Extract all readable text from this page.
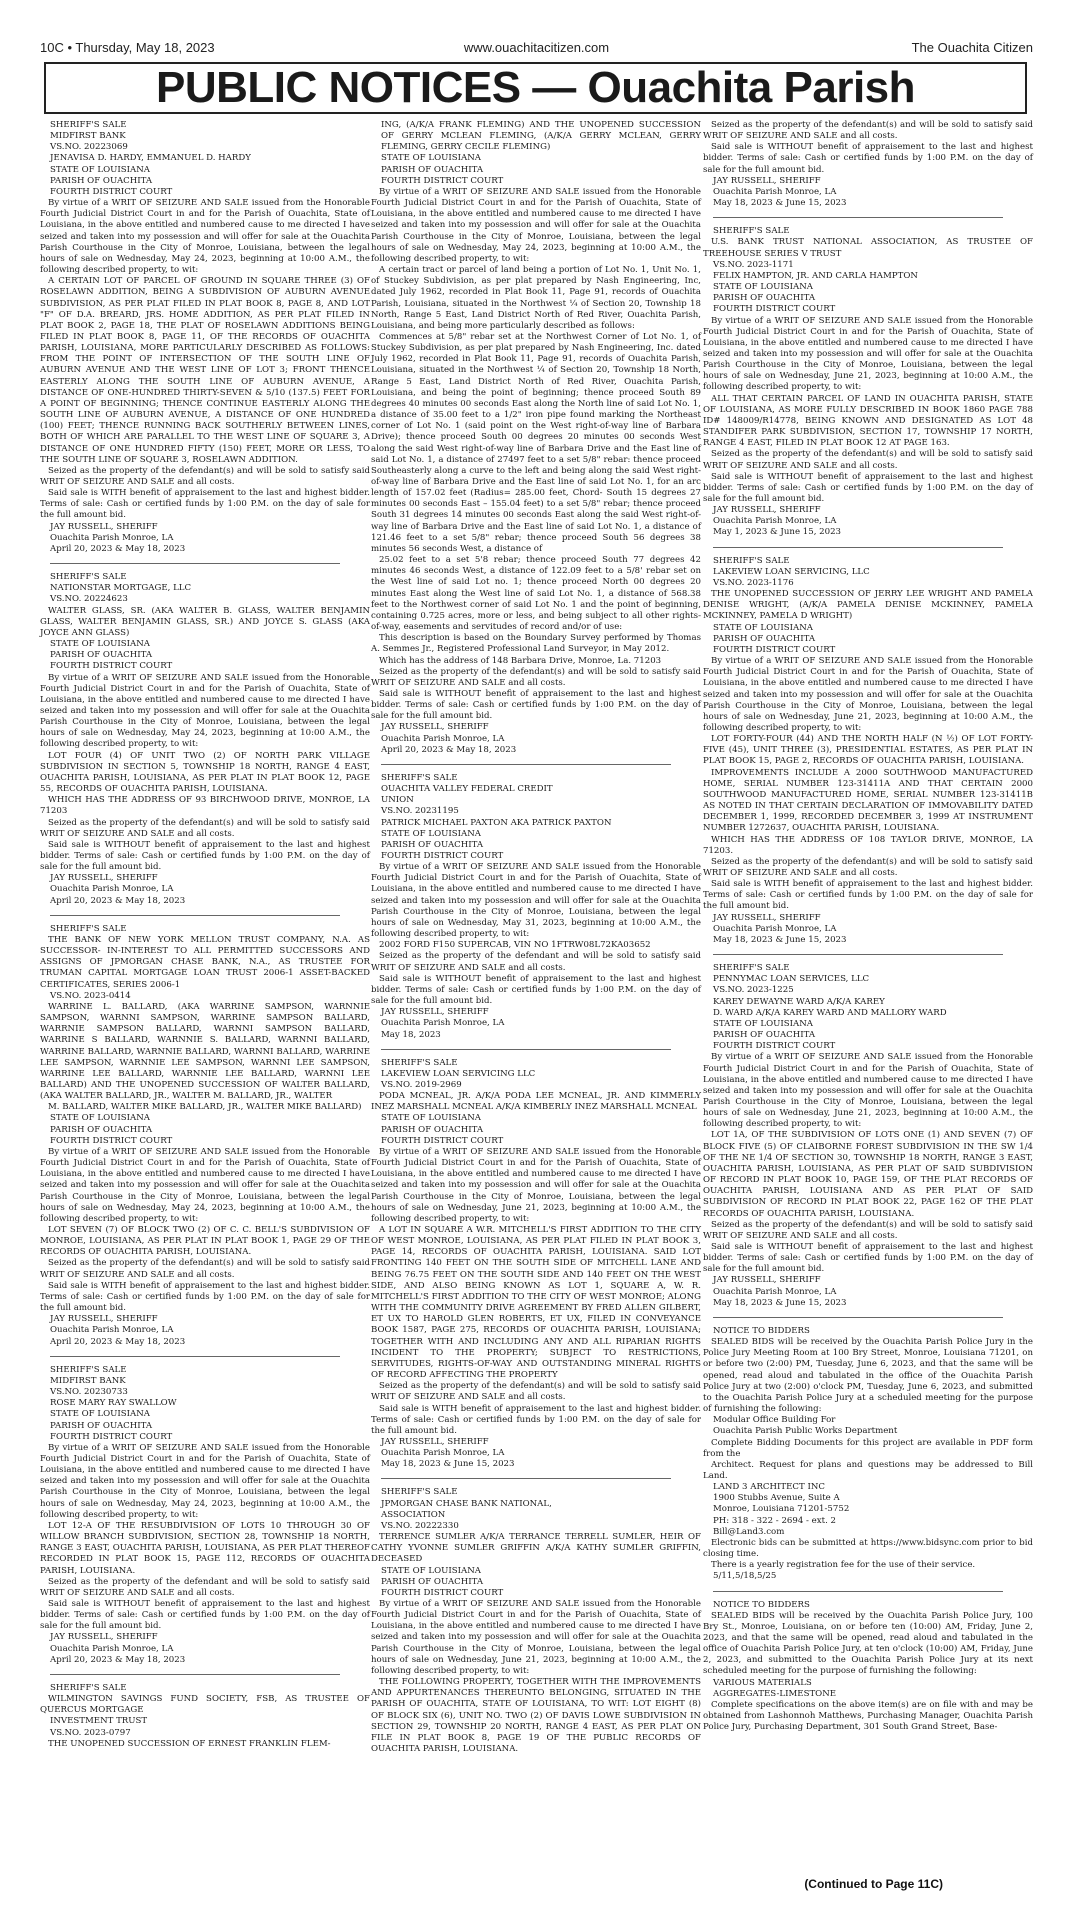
10C • Thursday, May 18, 2023	www.ouachitacitizen.com	The Ouachita Citizen
PUBLIC NOTICES — Ouachita Parish

SHERIFF'S SALE

MIDFIRST BANK

VS.NO. 20223069

JENAVISA D. HARDY, EMMANUEL D. HARDY

STATE OF LOUISIANA

PARISH OF OUACHITA

FOURTH DISTRICT COURT

By virtue of a WRIT OF SEIZURE AND SALE issued from the Honorable Fourth Judicial District Court in and for the Parish of Ouachita, State of Louisiana, in the above entitled and numbered cause to me directed I have seized and taken into my possession and will offer for sale at the Ouachita Parish Courthouse in the City of Monroe, Louisiana, between the legal hours of sale on Wednesday, May 24, 2023, beginning at 10:00 A.M., the following described property, to wit:

A CERTAIN LOT OF PARCEL OF GROUND IN SQUARE THREE (3) OF ROSELAWN ADDITION, BEING A SUBDIVISION OF AUBURN AVENUE SUBDIVISION, AS PER PLAT FILED IN PLAT BOOK 8, PAGE 8, AND LOT "F" OF D.A. BREARD, JRS. HOME ADDITION, AS PER PLAT FILED IN PLAT BOOK 2, PAGE 18, THE PLAT OF ROSELAWN ADDITIONS BEING FILED IN PLAT BOOK 8, PAGE 11, OF THE RECORDS OF OUACHITA PARISH, LOUISIANA, MORE PARTICULARLY DESCRIBED AS FOLLOWS: FROM THE POINT OF INTERSECTION OF THE SOUTH LINE OF AUBURN AVENUE AND THE WEST LINE OF LOT 3; FRONT THENCE EASTERLY ALONG THE SOUTH LINE OF AUBURN AVENUE, A DISTANCE OF ONE-HUNDRED THIRTY-SEVEN & 5/10 (137.5) FEET FOR A POINT OF BEGINNING; THENCE CONTINUE EASTERLY ALONG THE SOUTH LINE OF AUBURN AVENUE, A DISTANCE OF ONE HUNDRED (100) FEET; THENCE RUNNING BACK SOUTHERLY BETWEEN LINES, BOTH OF WHICH ARE PARALLEL TO THE WEST LINE OF SQUARE 3, A DISTANCE OF ONE HUNDRED FIFTY (150) FEET, MORE OR LESS, TO THE SOUTH LINE OF SQUARE 3, ROSELAWN ADDITION.

Seized as the property of the defendant(s) and will be sold to satisfy said WRIT OF SEIZURE AND SALE and all costs.

Said sale is WITH benefit of appraisement to the last and highest bidder. Terms of sale: Cash or certified funds by 1:00 P.M. on the day of sale for the full amount bid.

JAY RUSSELL, SHERIFF

Ouachita Parish Monroe, LA

April 20, 2023 & May 18, 2023

SHERIFF'S SALE

NATIONSTAR MORTGAGE, LLC

VS.NO. 20224623

WALTER GLASS, SR. (AKA WALTER B. GLASS, WALTER BENJAMIN GLASS, WALTER BENJAMIN GLASS, SR.) AND JOYCE S. GLASS (AKA JOYCE ANN GLASS)

STATE OF LOUISIANA

PARISH OF OUACHITA

FOURTH DISTRICT COURT

By virtue of a WRIT OF SEIZURE AND SALE issued from the Honorable Fourth Judicial District Court in and for the Parish of Ouachita, State of Louisiana, in the above entitled and numbered cause to me directed I have seized and taken into my possession and will offer for sale at the Ouachita Parish Courthouse in the City of Monroe, Louisiana, between the legal hours of sale on Wednesday, May 24, 2023, beginning at 10:00 A.M., the following described property, to wit:

LOT FOUR (4) OF UNIT TWO (2) OF NORTH PARK VILLAGE SUBDIVISION IN SECTION 5, TOWNSHIP 18 NORTH, RANGE 4 EAST, OUACHITA PARISH, LOUISIANA, AS PER PLAT IN PLAT BOOK 12, PAGE 55, RECORDS OF OUACHITA PARISH, LOUISIANA.

WHICH HAS THE ADDRESS OF 93 BIRCHWOOD DRIVE, MONROE, LA 71203

Seized as the property of the defendant(s) and will be sold to satisfy said WRIT OF SEIZURE AND SALE and all costs.

Said sale is WITHOUT benefit of appraisement to the last and highest bidder. Terms of sale: Cash or certified funds by 1:00 P.M. on the day of sale for the full amount bid.

JAY RUSSELL, SHERIFF

Ouachita Parish Monroe, LA

April 20, 2023 & May 18, 2023

SHERIFF'S SALE

THE BANK OF NEW YORK MELLON TRUST COMPANY, N.A. AS SUCCESSOR- IN-INTEREST TO ALL PERMITTED SUCCESSORS AND ASSIGNS OF JPMORGAN CHASE BANK, N.A., AS TRUSTEE FOR TRUMAN CAPITAL MORTGAGE LOAN TRUST 2006-1 ASSET-BACKED CERTIFICATES, SERIES 2006-1

VS.NO. 2023-0414

WARRINE L. BALLARD, (AKA WARRINE SAMPSON, WARNNIE SAMPSON, WARNNI SAMPSON, WARRINE SAMPSON BALLARD, WARRNIE SAMPSON BALLARD, WARNNI SAMPSON BALLARD, WARRINE S BALLARD, WARNNIE S. BALLARD, WARNNI BALLARD, WARRINE BALLARD, WARNNIE BALLARD, WARNNI BALLARD, WARRINE LEE SAMPSON, WARNNIE LEE SAMPSON, WARNNI LEE SAMPSON, WARRINE LEE BALLARD, WARNNIE LEE BALLARD, WARNNI LEE BALLARD) AND THE UNOPENED SUCCESSION OF WALTER BALLARD, (AKA WALTER BALLARD, JR., WALTER M. BALLARD, JR., WALTER

M. BALLARD, WALTER MIKE BALLARD, JR., WALTER MIKE BALLARD)

STATE OF LOUISIANA

PARISH OF OUACHITA

FOURTH DISTRICT COURT

By virtue of a WRIT OF SEIZURE AND SALE issued from the Honorable Fourth Judicial District Court in and for the Parish of Ouachita, State of Louisiana, in the above entitled and numbered cause to me directed I have seized and taken into my possession and will offer for sale at the Ouachita Parish Courthouse in the City of Monroe, Louisiana, between the legal hours of sale on Wednesday, May 24, 2023, beginning at 10:00 A.M., the following described property, to wit:

LOT SEVEN (7) OF BLOCK TWO (2) OF C. C. BELL'S SUBDIVISION OF MONROE, LOUISIANA, AS PER PLAT IN PLAT BOOK 1, PAGE 29 OF THE RECORDS OF OUACHITA PARISH, LOUISIANA.

Seized as the property of the defendant(s) and will be sold to satisfy said WRIT OF SEIZURE AND SALE and all costs.

Said sale is WITH benefit of appraisement to the last and highest bidder. Terms of sale: Cash or certified funds by 1:00 P.M. on the day of sale for the full amount bid.

JAY RUSSELL, SHERIFF

Ouachita Parish Monroe, LA

April 20, 2023 & May 18, 2023

SHERIFF'S SALE

MIDFIRST BANK

VS.NO. 20230733

ROSE MARY RAY SWALLOW

STATE OF LOUISIANA

PARISH OF OUACHITA

FOURTH DISTRICT COURT

By virtue of a WRIT OF SEIZURE AND SALE issued from the Honorable Fourth Judicial District Court in and for the Parish of Ouachita, State of Louisiana, in the above entitled and numbered cause to me directed I have seized and taken into my possession and will offer for sale at the Ouachita Parish Courthouse in the City of Monroe, Louisiana, between the legal hours of sale on Wednesday, May 24, 2023, beginning at 10:00 A.M., the following described property, to wit:

LOT 12-A OF THE RESUBDIVISION OF LOTS 10 THROUGH 30 OF WILLOW BRANCH SUBDIVISION, SECTION 28, TOWNSHIP 18 NORTH, RANGE 3 EAST, OUACHITA PARISH, LOUISIANA, AS PER PLAT THEREOF RECORDED IN PLAT BOOK 15, PAGE 112, RECORDS OF OUACHITA PARISH, LOUISIANA.

Seized as the property of the defendant and will be sold to satisfy said WRIT OF SEIZURE AND SALE and all costs.

Said sale is WITHOUT benefit of appraisement to the last and highest bidder. Terms of sale: Cash or certified funds by 1:00 P.M. on the day of sale for the full amount bid.

JAY RUSSELL, SHERIFF

Ouachita Parish Monroe, LA

April 20, 2023 & May 18, 2023

SHERIFF'S SALE

WILMINGTON SAVINGS FUND SOCIETY, FSB, AS TRUSTEE OF QUERCUS MORTGAGE

INVESTMENT TRUST

VS.NO. 2023-0797

THE UNOPENED SUCCESSION OF ERNEST FRANKLIN FLEM-

ING, (A/K/A FRANK FLEMING) AND THE UNOPENED SUCCESSION OF GERRY MCLEAN FLEMING, (A/K/A GERRY MCLEAN, GERRY FLEMING, GERRY CECILE FLEMING)

STATE OF LOUISIANA

PARISH OF OUACHITA

FOURTH DISTRICT COURT

By virtue of a WRIT OF SEIZURE AND SALE issued from the Honorable Fourth Judicial District Court in and for the Parish of Ouachita, State of Louisiana, in the above entitled and numbered cause to me directed I have seized and taken into my possession and will offer for sale at the Ouachita Parish Courthouse in the City of Monroe, Louisiana, between the legal hours of sale on Wednesday, May 24, 2023, beginning at 10:00 A.M., the following described property, to wit:

A certain tract or parcel of land being a portion of Lot No. 1, Unit No. 1, of Stuckey Subdivision, as per plat prepared by Nash Engineering, Inc, dated July 1962, recorded in Plat Book 11, Page 91, records of Ouachita Parish, Louisiana, situated in the Northwest ¼ of Section 20, Township 18 North, Range 5 East, Land District North of Red River, Ouachita Parish, Louisiana, and being more particularly described as follows:

Commences at 5/8" rebar set at the Northwest Corner of Lot No. 1, of Stuckey Subdivision, as per plat prepared by Nash Engineering, Inc. dated July 1962, recorded in Plat Book 11, Page 91, records of Ouachita Parish, Louisiana, situated in the Northwest ¼ of Section 20, Township 18 North, Range 5 East, Land District North of Red River, Ouachita Parish, Louisiana, and being the point of beginning; thence proceed South 89 degrees 40 minutes 00 seconds East along the North line of said Lot No. 1, a distance of 35.00 feet to a 1/2" iron pipe found marking the Northeast corner of Lot No. 1 (said point on the West right-of-way line of Barbara Drive); thence proceed South 00 degrees 20 minutes 00 seconds West along the said West right-of-way line of Barbara Drive and the East line of said Lot No. 1, a distance of 27497 feet to a set 5/8" rebar: thence proceed Southeasterly along a curve to the left and being along the said West right-of-way line of Barbara Drive and the East line of said Lot No. 1, for an arc length of 157.02 feet (Radius= 285.00 feet, Chord- South 15 degrees 27 minutes 00 seconds East – 155.04 feet) to a set 5/8" rebar; thence proceed South 31 degrees 14 minutes 00 seconds East along the said West right-of-way line of Barbara Drive and the East line of said Lot No. 1, a distance of 121.46 feet to a set 5/8" rebar; thence proceed South 56 degrees 38 minutes 56 seconds West, a distance of

25.02 feet to a set 5'8 rebar; thence proceed South 77 degrees 42 minutes 46 seconds West, a distance of 122.09 feet to a 5/8' rebar set on the West line of said Lot no. 1; thence proceed North 00 degrees 20 minutes East along the West line of said Lot No. 1, a distance of 568.38 feet to the Northwest corner of said Lot No. 1 and the point of beginning, containing 0.725 acres, more or less, and being subject to all other rights-of-way, easements and servitudes of record and/or of use:

This description is based on the Boundary Survey performed by Thomas A. Semmes Jr., Registered Professional Land Surveyor, in May 2012.

Which has the address of 148 Barbara Drive, Monroe, La. 71203

Seized as the property of the defendant(s) and will be sold to satisfy said WRIT OF SEIZURE AND SALE and all costs.

Said sale is WITHOUT benefit of appraisement to the last and highest bidder. Terms of sale: Cash or certified funds by 1:00 P.M. on the day of sale for the full amount bid.

JAY RUSSELL, SHERIFF

Ouachita Parish Monroe, LA

April 20, 2023 & May 18, 2023

SHERIFF'S SALE

OUACHITA VALLEY FEDERAL CREDIT

UNION

VS.NO. 20231195

PATRICK MICHAEL PAXTON AKA PATRICK PAXTON

STATE OF LOUISIANA

PARISH OF OUACHITA

FOURTH DISTRICT COURT

By virtue of a WRIT OF SEIZURE AND SALE issued from the Honorable Fourth Judicial District Court in and for the Parish of Ouachita, State of Louisiana, in the above entitled and numbered cause to me directed I have seized and taken into my possession and will offer for sale at the Ouachita Parish Courthouse in the City of Monroe, Louisiana, between the legal hours of sale on Wednesday, May 31, 2023, beginning at 10:00 A.M., the following described property, to wit:

2002 FORD F150 SUPERCAB, VIN NO 1FTRW08L72KA03652

Seized as the property of the defendant and will be sold to satisfy said WRIT OF SEIZURE AND SALE and all costs.

Said sale is WITHOUT benefit of appraisement to the last and highest bidder. Terms of sale: Cash or certified funds by 1:00 P.M. on the day of sale for the full amount bid.

JAY RUSSELL, SHERIFF

Ouachita Parish Monroe, LA

May 18, 2023

SHERIFF'S SALE

LAKEVIEW LOAN SERVICING LLC

VS.NO. 2019-2969

PODA MCNEAL, JR. A/K/A PODA LEE MCNEAL, JR. AND KIMMERLY INEZ MARSHALL MCNEAL A/K/A KIMBERLY INEZ MARSHALL MCNEAL

STATE OF LOUISIANA

PARISH OF OUACHITA

FOURTH DISTRICT COURT

By virtue of a WRIT OF SEIZURE AND SALE issued from the Honorable Fourth Judicial District Court in and for the Parish of Ouachita, State of Louisiana, in the above entitled and numbered cause to me directed I have seized and taken into my possession and will offer for sale at the Ouachita Parish Courthouse in the City of Monroe, Louisiana, between the legal hours of sale on Wednesday, June 21, 2023, beginning at 10:00 A.M., the following described property, to wit:

A LOT IN SQUARE A W.R. MITCHELL'S FIRST ADDITION TO THE CITY OF WEST MONROE, LOUISIANA, AS PER PLAT FILED IN PLAT BOOK 3, PAGE 14, RECORDS OF OUACHITA PARISH, LOUISIANA. SAID LOT FRONTING 140 FEET ON THE SOUTH SIDE OF MITCHELL LANE AND BEING 76.75 FEET ON THE SOUTH SIDE AND 140 FEET ON THE WEST SIDE, AND ALSO BEING KNOWN AS LOT 1, SQUARE A, W. R. MITCHELL'S FIRST ADDITION TO THE CITY OF WEST MONROE; ALONG WITH THE COMMUNITY DRIVE AGREEMENT BY FRED ALLEN GILBERT, ET UX TO HAROLD GLEN ROBERTS, ET UX, FILED IN CONVEYANCE BOOK 1587, PAGE 275, RECORDS OF OUACHITA PARISH, LOUISIANA; TOGETHER WITH AND INCLUDING ANY AND ALL RIPARIAN RIGHTS INCIDENT TO THE PROPERTY; SUBJECT TO RESTRICTIONS, SERVITUDES, RIGHTS-OF-WAY AND OUTSTANDING MINERAL RIGHTS OF RECORD AFFECTING THE PROPERTY

Seized as the property of the defendant(s) and will be sold to satisfy said WRIT OF SEIZURE AND SALE and all costs.

Said sale is WITH benefit of appraisement to the last and highest bidder. Terms of sale: Cash or certified funds by 1:00 P.M. on the day of sale for the full amount bid.

JAY RUSSELL, SHERIFF

Ouachita Parish Monroe, LA

May 18, 2023 & June 15, 2023

SHERIFF'S SALE

JPMORGAN CHASE BANK NATIONAL,

ASSOCIATION

VS.NO. 20222330

TERRENCE SUMLER A/K/A TERRANCE TERRELL SUMLER, HEIR OF CATHY YVONNE SUMLER GRIFFIN A/K/A KATHY SUMLER GRIFFIN, DECEASED

STATE OF LOUISIANA

PARISH OF OUACHITA

FOURTH DISTRICT COURT

By virtue of a WRIT OF SEIZURE AND SALE issued from the Honorable Fourth Judicial District Court in and for the Parish of Ouachita, State of Louisiana, in the above entitled and numbered cause to me directed I have seized and taken into my possession and will offer for sale at the Ouachita Parish Courthouse in the City of Monroe, Louisiana, between the legal hours of sale on Wednesday, June 21, 2023, beginning at 10:00 A.M., the following described property, to wit:

THE FOLLOWING PROPERTY, TOGETHER WITH THE IMPROVEMENTS AND APPURTENANCES THEREUNTO BELONGING, SITUATED IN THE PARISH OF OUACHITA, STATE OF LOUISIANA, TO WIT: LOT EIGHT (8) OF BLOCK SIX (6), UNIT NO. TWO (2) OF DAVIS LOWE SUBDIVISION IN SECTION 29, TOWNSHIP 20 NORTH, RANGE 4 EAST, AS PER PLAT ON FILE IN PLAT BOOK 8, PAGE 19 OF THE PUBLIC RECORDS OF OUACHITA PARISH, LOUISIANA.

Seized as the property of the defendant(s) and will be sold to satisfy said WRIT OF SEIZURE AND SALE and all costs.

Said sale is WITHOUT benefit of appraisement to the last and highest bidder. Terms of sale: Cash or certified funds by 1:00 P.M. on the day of sale for the full amount bid.

JAY RUSSELL, SHERIFF

Ouachita Parish Monroe, LA

May 18, 2023 & June 15, 2023

SHERIFF'S SALE

U.S. BANK TRUST NATIONAL ASSOCIATION, AS TRUSTEE OF TREEHOUSE SERIES V TRUST

VS.NO. 2023-1171

FELIX HAMPTON, JR. AND CARLA HAMPTON

STATE OF LOUISIANA

PARISH OF OUACHITA

FOURTH DISTRICT COURT

By virtue of a WRIT OF SEIZURE AND SALE issued from the Honorable Fourth Judicial District Court in and for the Parish of Ouachita, State of Louisiana, in the above entitled and numbered cause to me directed I have seized and taken into my possession and will offer for sale at the Ouachita Parish Courthouse in the City of Monroe, Louisiana, between the legal hours of sale on Wednesday, June 21, 2023, beginning at 10:00 A.M., the following described property, to wit:

ALL THAT CERTAIN PARCEL OF LAND IN OUACHITA PARISH, STATE OF LOUISIANA, AS MORE FULLY DESCRIBED IN BOOK 1860 PAGE 788 ID# 148009/R14778, BEING KNOWN AND DESIGNATED AS LOT 48 STANDIFER PARK SUBDIVISION, SECTION 17, TOWNSHIP 17 NORTH, RANGE 4 EAST, FILED IN PLAT BOOK 12 AT PAGE 163.

Seized as the property of the defendant(s) and will be sold to satisfy said WRIT OF SEIZURE AND SALE and all costs.

Said sale is WITHOUT benefit of appraisement to the last and highest bidder. Terms of sale: Cash or certified funds by 1:00 P.M. on the day of sale for the full amount bid.

JAY RUSSELL, SHERIFF

Ouachita Parish Monroe, LA

May 1, 2023 & June 15, 2023

SHERIFF'S SALE

LAKEVIEW LOAN SERVICING, LLC

VS.NO. 2023-1176

THE UNOPENED SUCCESSION OF JERRY LEE WRIGHT AND PAMELA DENISE WRIGHT, (A/K/A PAMELA DENISE MCKINNEY, PAMELA MCKINNEY, PAMELA D WRIGHT)

STATE OF LOUISIANA

PARISH OF OUACHITA

FOURTH DISTRICT COURT

By virtue of a WRIT OF SEIZURE AND SALE issued from the Honorable Fourth Judicial District Court in and for the Parish of Ouachita, State of Louisiana, in the above entitled and numbered cause to me directed I have seized and taken into my possession and will offer for sale at the Ouachita Parish Courthouse in the City of Monroe, Louisiana, between the legal hours of sale on Wednesday, June 21, 2023, beginning at 10:00 A.M., the following described property, to wit:

LOT FORTY-FOUR (44) AND THE NORTH HALF (N ½) OF LOT FORTY-FIVE (45), UNIT THREE (3), PRESIDENTIAL ESTATES, AS PER PLAT IN PLAT BOOK 15, PAGE 2, RECORDS OF OUACHITA PARISH, LOUISIANA.

IMPROVEMENTS INCLUDE A 2000 SOUTHWOOD MANUFACTURED HOME, SERIAL NUMBER 123-31411A AND THAT CERTAIN 2000 SOUTHWOOD MANUFACTURED HOME, SERIAL NUMBER 123-31411B AS NOTED IN THAT CERTAIN DECLARATION OF IMMOVABILITY DATED DECEMBER 1, 1999, RECORDED DECEMBER 3, 1999 AT INSTRUMENT NUMBER 1272637, OUACHITA PARISH, LOUISIANA.

WHICH HAS THE ADDRESS OF 108 TAYLOR DRIVE, MONROE, LA 71203.

Seized as the property of the defendant(s) and will be sold to satisfy said WRIT OF SEIZURE AND SALE and all costs.

Said sale is WITH benefit of appraisement to the last and highest bidder. Terms of sale: Cash or certified funds by 1:00 P.M. on the day of sale for the full amount bid.

JAY RUSSELL, SHERIFF

Ouachita Parish Monroe, LA

May 18, 2023 & June 15, 2023

SHERIFF'S SALE

PENNYMAC LOAN SERVICES, LLC

VS.NO. 2023-1225

KAREY DEWAYNE WARD A/K/A KAREY

D. WARD A/K/A KAREY WARD AND MALLORY WARD

STATE OF LOUISIANA

PARISH OF OUACHITA

FOURTH DISTRICT COURT

By virtue of a WRIT OF SEIZURE AND SALE issued from the Honorable Fourth Judicial District Court in and for the Parish of Ouachita, State of Louisiana, in the above entitled and numbered cause to me directed I have seized and taken into my possession and will offer for sale at the Ouachita Parish Courthouse in the City of Monroe, Louisiana, between the legal hours of sale on Wednesday, June 21, 2023, beginning at 10:00 A.M., the following described property, to wit:

LOT 1A, OF THE SUBDIVISION OF LOTS ONE (1) AND SEVEN (7) OF BLOCK FIVE (5) OF CLAIBORNE FOREST SUBDIVISION IN THE SW 1/4 OF THE NE 1/4 OF SECTION 30, TOWNSHIP 18 NORTH, RANGE 3 EAST, OUACHITA PARISH, LOUISIANA, AS PER PLAT OF SAID SUBDIVISION OF RECORD IN PLAT BOOK 10, PAGE 159, OF THE PLAT RECORDS OF OUACHITA PARISH, LOUISIANA AND AS PER PLAT OF SAID SUBDIVISION OF RECORD IN PLAT BOOK 22, PAGE 162 OF THE PLAT RECORDS OF OUACHITA PARISH, LOUISIANA.

Seized as the property of the defendant(s) and will be sold to satisfy said WRIT OF SEIZURE AND SALE and all costs.

Said sale is WITHOUT benefit of appraisement to the last and highest bidder. Terms of sale: Cash or certified funds by 1:00 P.M. on the day of sale for the full amount bid.

JAY RUSSELL, SHERIFF

Ouachita Parish Monroe, LA

May 18, 2023 & June 15, 2023

NOTICE TO BIDDERS

SEALED BIDS will be received by the Ouachita Parish Police Jury in the Police Jury Meeting Room at 100 Bry Street, Monroe, Louisiana 71201, on or before two (2:00) PM, Tuesday, June 6, 2023, and that the same will be opened, read aloud and tabulated in the office of the Ouachita Parish Police Jury at two (2:00) o'clock PM, Tuesday, June 6, 2023, and submitted to the Ouachita Parish Police Jury at a scheduled meeting for the purpose of furnishing the following:

Modular Office Building For

Ouachita Parish Public Works Department

Complete Bidding Documents for this project are available in PDF form from the

Architect. Request for plans and questions may be addressed to Bill Land.

LAND 3 ARCHITECT INC

1900 Stubbs Avenue, Suite A

Monroe, Louisiana 71201-5752

PH: 318 - 322 - 2694 - ext. 2

Bill@Land3.com

Electronic bids can be submitted at https://www.bidsync.com prior to bid closing time.

There is a yearly registration fee for the use of their service.

5/11,5/18,5/25

NOTICE TO BIDDERS

SEALED BIDS will be received by the Ouachita Parish Police Jury, 100 Bry St., Monroe, Louisiana, on or before ten (10:00) AM, Friday, June 2, 2023, and that the same will be opened, read aloud and tabulated in the office of Ouachita Parish Police Jury, at ten o'clock (10:00) AM, Friday, June 2, 2023, and submitted to the Ouachita Parish Police Jury at its next scheduled meeting for the purpose of furnishing the following:

VARIOUS MATERIALS

AGGREGATES-LIMESTONE

Complete specifications on the above item(s) are on file with and may be obtained from Lashonnoh Matthews, Purchasing Manager, Ouachita Parish Police Jury, Purchasing Department, 301 South Grand Street, Base-

(Continued to Page 11C)
